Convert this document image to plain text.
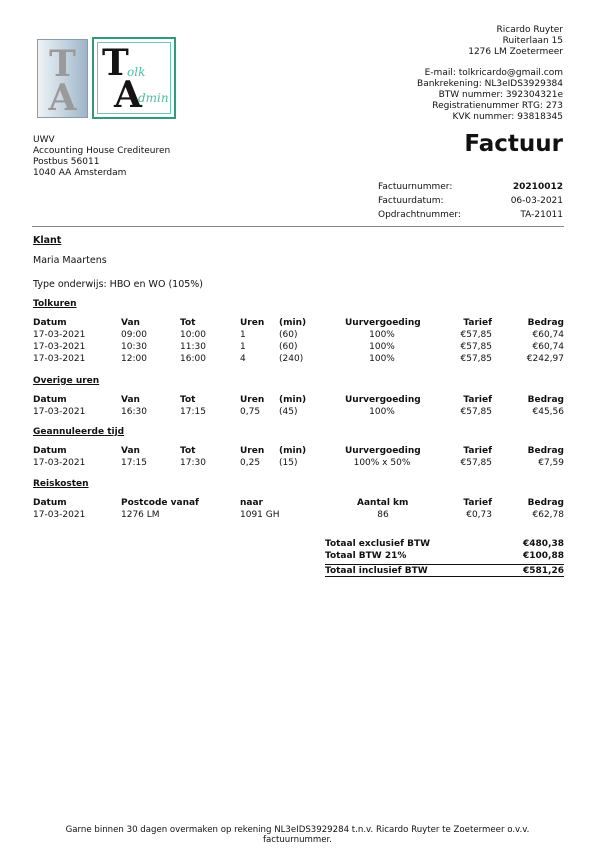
T
A
T
olk
A
dmin
Ricardo Ruyter
Ruiterlaan 15
1276 LM Zoetermeer
E-mail: tolkricardo@gmail.com
Bankrekening: NL3eIDS3929384
BTW nummer: 392304321e
Registratienummer RTG: 273
KVK nummer: 93818345
UWV
Accounting House Crediteuren
Postbus 56011
1040 AA Amsterdam
Factuur
Factuurnummer:	20210012
Factuurdatum:	06-03-2021
Opdrachtnummer:	TA-21011
Klant
Maria Maartens
Type onderwijs: HBO en WO (105%)
Tolkuren
Datum	Van	Tot	Uren (min)	Uurvergoeding	Tarief	Bedrag
17-03-2021	09:00	10:00	1	(60)	100%	€57,85	€60,74
17-03-2021	10:30	11:30	1	(60)	100%	€57,85	€60,74
17-03-2021	12:00	16:00	4	(240)	100%	€57,85	€242,97
Overige uren
Datum	Van	Tot	Uren (min)	Uurvergoeding	Tarief	Bedrag
17-03-2021	16:30	17:15	0,75 (45)	100%	€57,85	€45,56
Geannuleerde tijd
Datum	Van	Tot	Uren (min)	Uurvergoeding	Tarief	Bedrag
17-03-2021	17:15	17:30	0,25 (15)	100% x 50%	€57,85	€7,59
Reiskosten
Datum	Postcode vanaf	naar	Aantal km	Tarief	Bedrag
17-03-2021	1276 LM	1091 GH	86	€0,73	€62,78
Totaal exclusief BTW	€480,38
Totaal BTW 21%	€100,88
Totaal inclusief BTW	€581,26
Garne binnen 30 dagen overmaken op rekening NL3eIDS3929284 t.n.v. Ricardo Ruyter te Zoetermeer o.v.v.
factuurnummer.
